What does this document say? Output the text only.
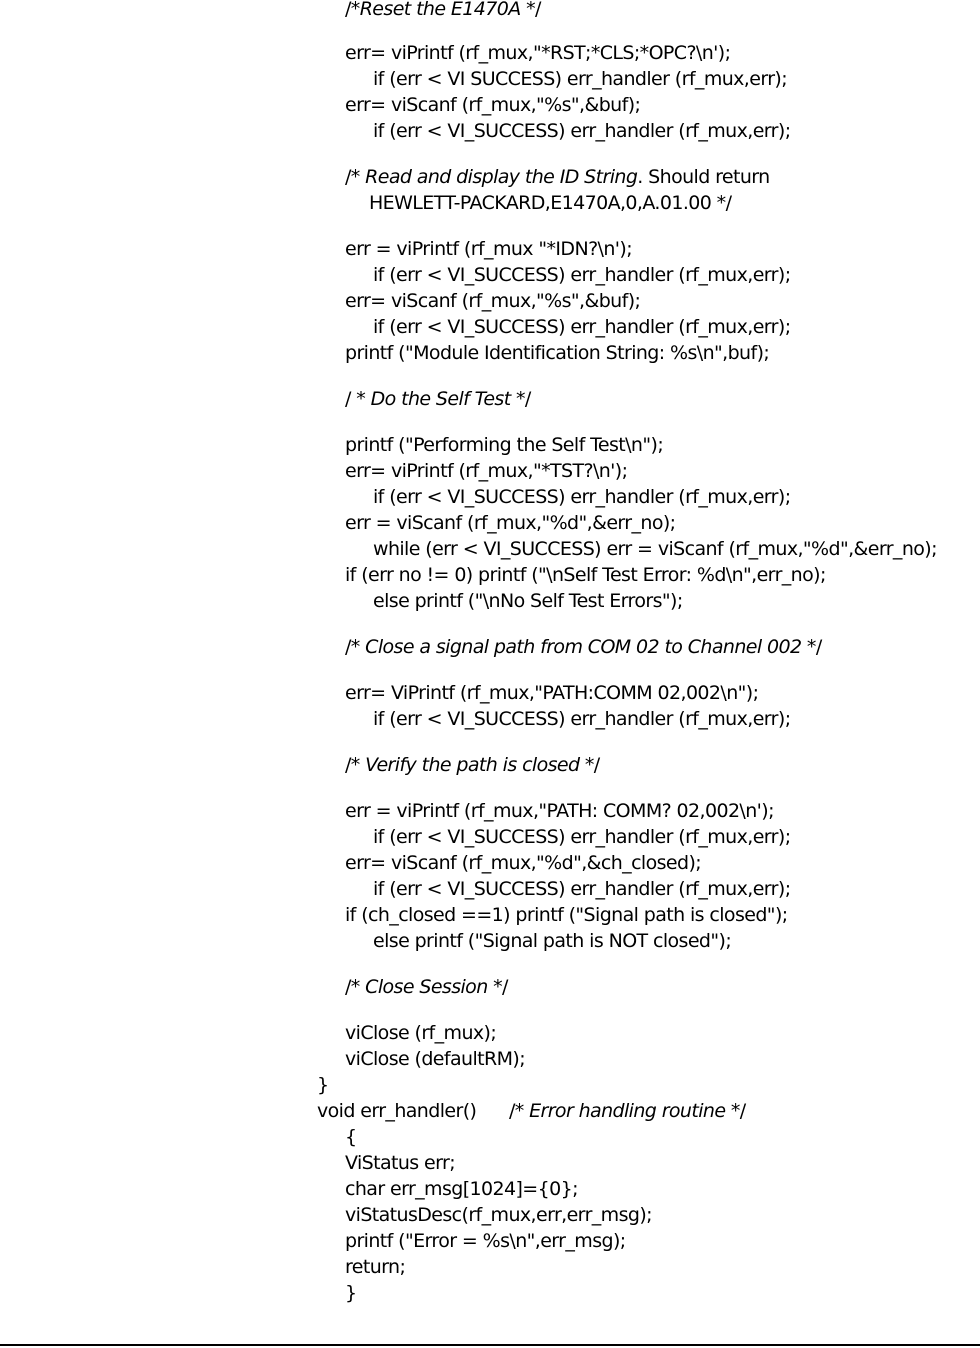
/*Reset the E1470A */
err= viPrintf (rf_mux,"*RST;*CLS;*OPC?\n');
if (err < VI SUCCESS) err_handler (rf_mux,err);
err= viScanf (rf_mux,"%s",&buf);
if (err < VI_SUCCESS) err_handler (rf_mux,err);
/* Read and display the ID String. Should return
HEWLETT-PACKARD,E1470A,0,A.01.00 */
err = viPrintf (rf_mux "*IDN?\n');
if (err < VI_SUCCESS) err_handler (rf_mux,err);
err= viScanf (rf_mux,"%s",&buf);
if (err < VI_SUCCESS) err_handler (rf_mux,err);
printf ("Module Identification String: %s\n",buf);
/ * Do the Self Test */
printf ("Performing the Self Test\n");
err= viPrintf (rf_mux,"*TST?\n');
if (err < VI_SUCCESS) err_handler (rf_mux,err);
err = viScanf (rf_mux,"%d",&err_no);
while (err < VI_SUCCESS) err = viScanf (rf_mux,"%d",&err_no);
if (err no != 0) printf ("\nSelf Test Error: %d\n",err_no);
else printf ("\nNo Self Test Errors");
/* Close a signal path from COM 02 to Channel 002 */
err= ViPrintf (rf_mux,"PATH:COMM 02,002\n");
if (err < VI_SUCCESS) err_handler (rf_mux,err);
/* Verify the path is closed */
err = viPrintf (rf_mux,"PATH: COMM? 02,002\n');
if (err < VI_SUCCESS) err_handler (rf_mux,err);
err= viScanf (rf_mux,"%d",&ch_closed);
if (err < VI_SUCCESS) err_handler (rf_mux,err);
if (ch_closed ==1) printf ("Signal path is closed");
else printf ("Signal path is NOT closed");
/* Close Session */
viClose (rf_mux);
viClose (defaultRM);
}
void err_handler()      /* Error handling routine */
{
ViStatus err;
char err_msg[1024]={0};
viStatusDesc(rf_mux,err,err_msg);
printf ("Error = %s\n",err_msg);
return;
}
